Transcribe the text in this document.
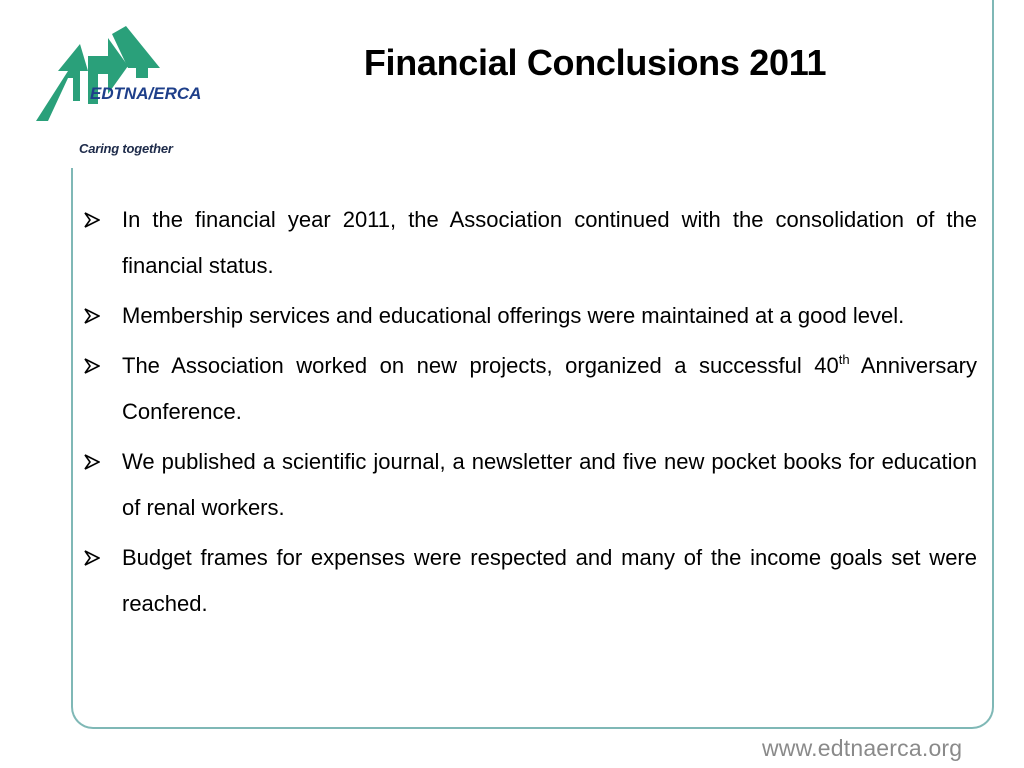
EDTNA/ERCA
Caring together
Financial Conclusions 2011
In the financial year 2011, the Association continued with the consolidation of the financial status.
Membership services and educational offerings were maintained at a good level.
The Association worked on new projects, organized a successful 40th Anniversary Conference.
We published a scientific journal, a newsletter and five new pocket books for education of renal workers.
Budget frames for expenses were respected and many of the income goals set were reached.
www.edtnaerca.org
